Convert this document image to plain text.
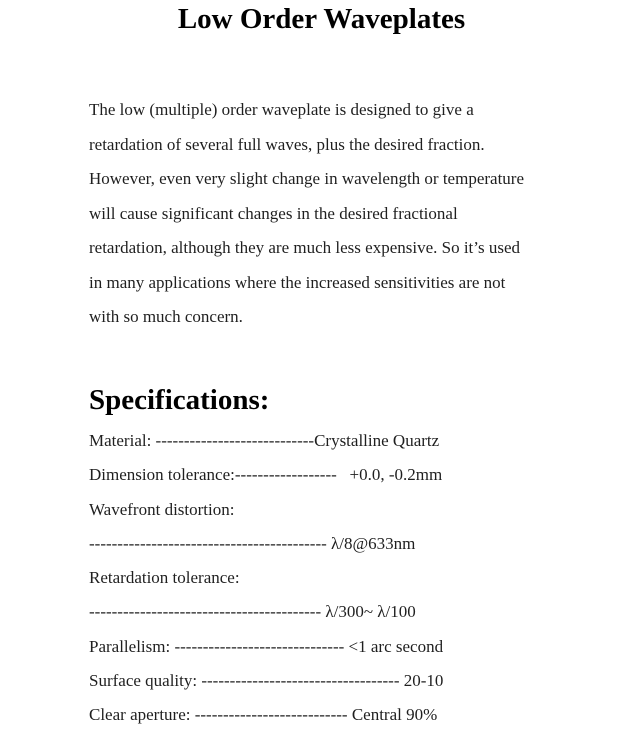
Low Order Waveplates
The low (multiple) order waveplate is designed to give a
retardation of several full waves, plus the desired fraction.
However, even very slight change in wavelength or temperature
will cause significant changes in the desired fractional
retardation, although they are much less expensive. So it’s used
in many applications where the increased sensitivities are not
with so much concern.
Specifications:
Material: ----------------------------Crystalline Quartz
Dimension tolerance:------------------   +0.0, -0.2mm
Wavefront distortion:
------------------------------------------ λ/8@633nm
Retardation tolerance:
----------------------------------------- λ/300~ λ/100
Parallelism: ------------------------------ <1 arc second
Surface quality: ----------------------------------- 20-10
Clear aperture: --------------------------- Central 90%
